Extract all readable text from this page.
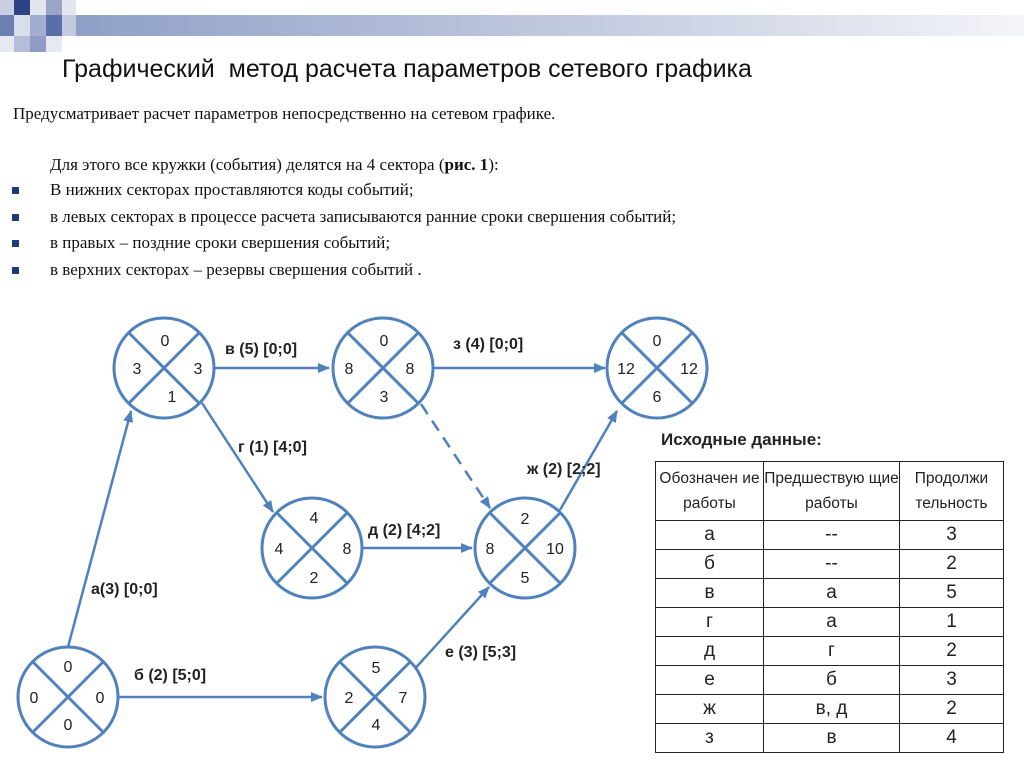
Графический  метод расчета параметров сетевого графика
Предусматривает расчет параметров непосредственно на сетевом графике.
Для этого все кружки (события) делятся на 4 сектора (рис. 1):
В нижних секторах проставляются коды событий;
в левых секторах в процессе расчета записываются ранние сроки свершения событий;
в правых – поздние сроки свершения событий;
в верхних секторах – резервы свершения событий .
а(3) [0;0]
б (2) [5;0]
в (5) [0;0]
г (1) [4;0]
д (2) [4;2]
е (3) [5;3]
ж (2) [2;2]
з (4) [0;0]
0
0	0
0
0
3	3
1
4
4	8
2
0
8	8
3
5
2	7
4
2
8	10
5
0
12	12
6
Исходные данные:
Обозначен ие работы	Предшествую щие работы	Продолжи тельность
а	--	3
б	--	2
в	а	5
г	а	1
д	г	2
е	б	3
ж	в, д	2
з	в	4
